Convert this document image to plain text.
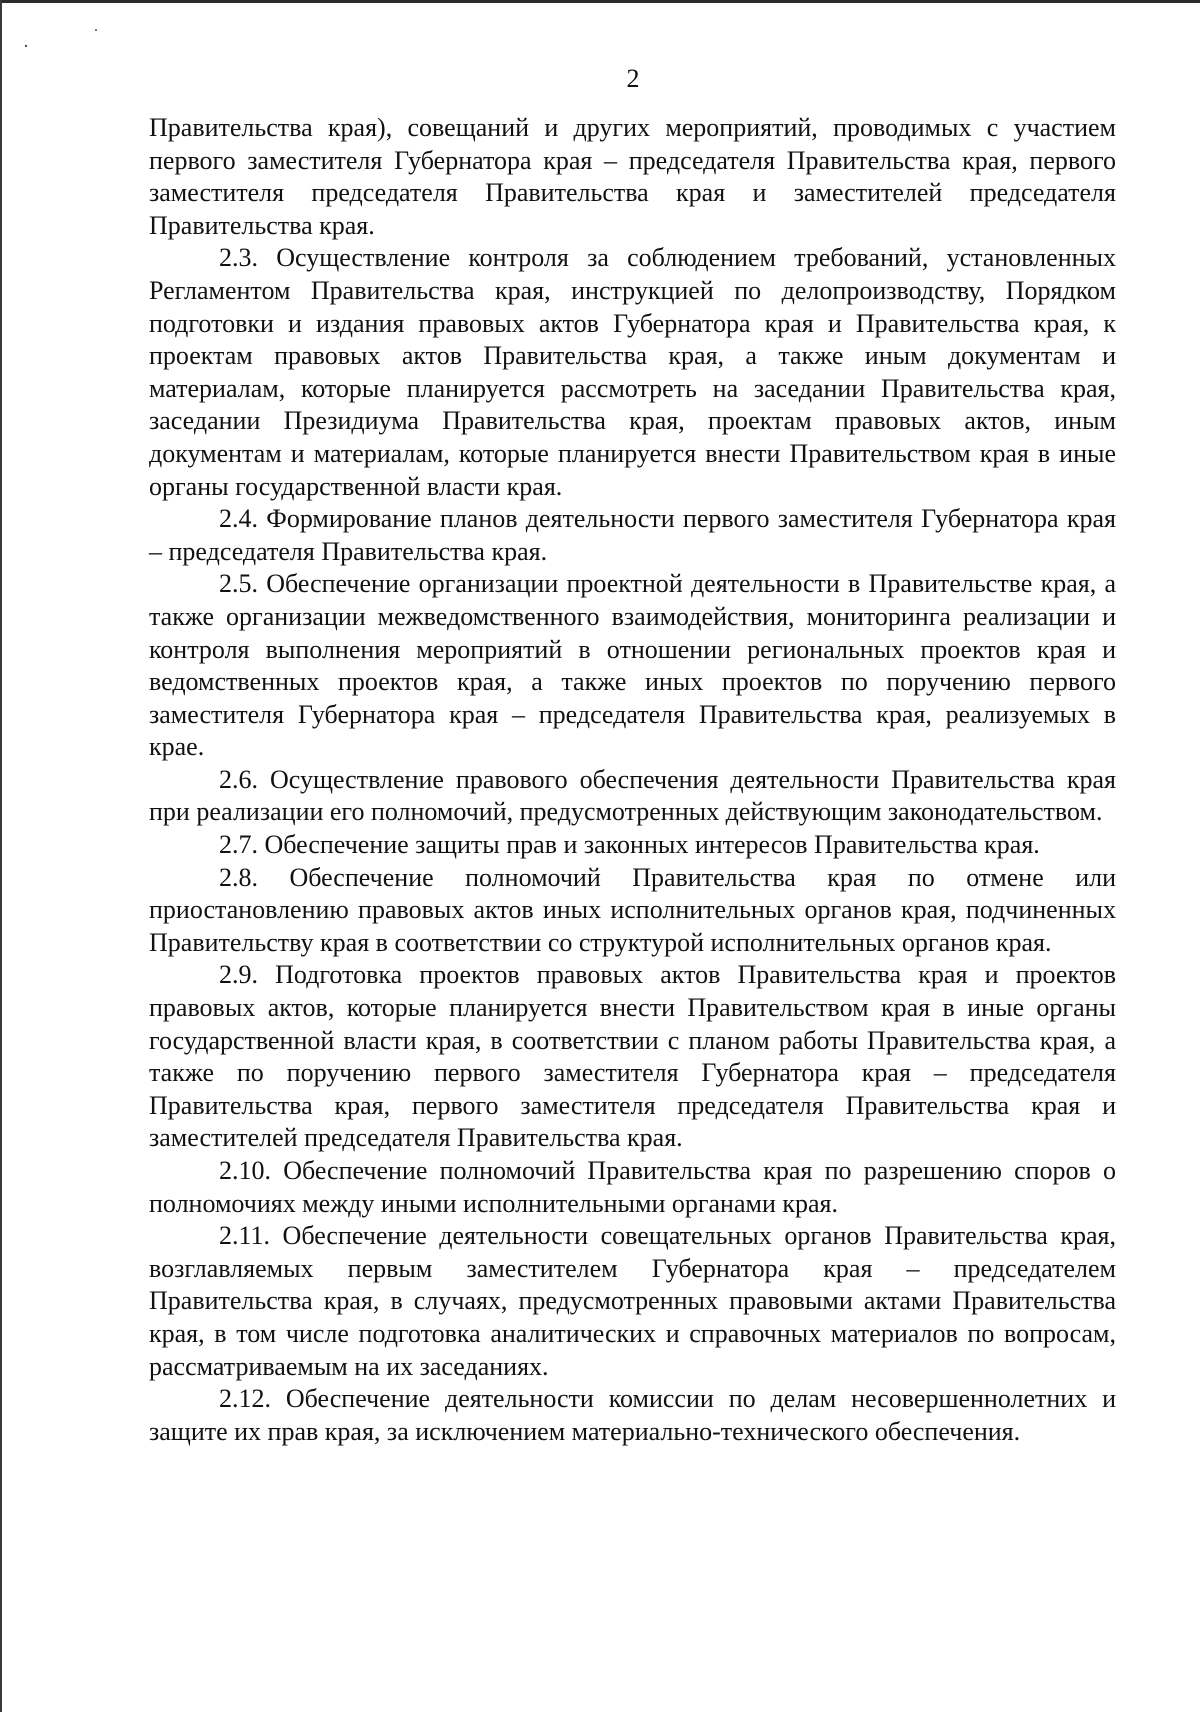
2

Правительства края), совещаний и других мероприятий, проводимых с участием первого заместителя Губернатора края – председателя Правительства края, первого заместителя председателя Правительства края и заместителей председателя Правительства края.

2.3. Осуществление контроля за соблюдением требований, установленных Регламентом Правительства края, инструкцией по делопроизводству, Порядком подготовки и издания правовых актов Губернатора края и Правительства края, к проектам правовых актов Правительства края, а также иным документам и материалам, которые планируется рассмотреть на заседании Правительства края, заседании Президиума Правительства края, проектам правовых актов, иным документам и материалам, которые планируется внести Правительством края в иные органы государственной власти края.

2.4. Формирование планов деятельности первого заместителя Губернатора края – председателя Правительства края.

2.5. Обеспечение организации проектной деятельности в Правительстве края, а также организации межведомственного взаимодействия, мониторинга реализации и контроля выполнения мероприятий в отношении региональных проектов края и ведомственных проектов края, а также иных проектов по поручению первого заместителя Губернатора края – председателя Правительства края, реализуемых в крае.

2.6. Осуществление правового обеспечения деятельности Правительства края при реализации его полномочий, предусмотренных действующим законодательством.

2.7. Обеспечение защиты прав и законных интересов Правительства края.

2.8. Обеспечение полномочий Правительства края по отмене или приостановлению правовых актов иных исполнительных органов края, подчиненных Правительству края в соответствии со структурой исполнительных органов края.

2.9. Подготовка проектов правовых актов Правительства края и проектов правовых актов, которые планируется внести Правительством края в иные органы государственной власти края, в соответствии с планом работы Правительства края, а также по поручению первого заместителя Губернатора края – председателя Правительства края, первого заместителя председателя Правительства края и заместителей председателя Правительства края.

2.10. Обеспечение полномочий Правительства края по разрешению споров о полномочиях между иными исполнительными органами края.

2.11. Обеспечение деятельности совещательных органов Правительства края, возглавляемых первым заместителем Губернатора края – председателем Правительства края, в случаях, предусмотренных правовыми актами Правительства края, в том числе подготовка аналитических и справочных материалов по вопросам, рассматриваемым на их заседаниях.

2.12. Обеспечение деятельности комиссии по делам несовершеннолетних и защите их прав края, за исключением материально-технического обеспечения.
